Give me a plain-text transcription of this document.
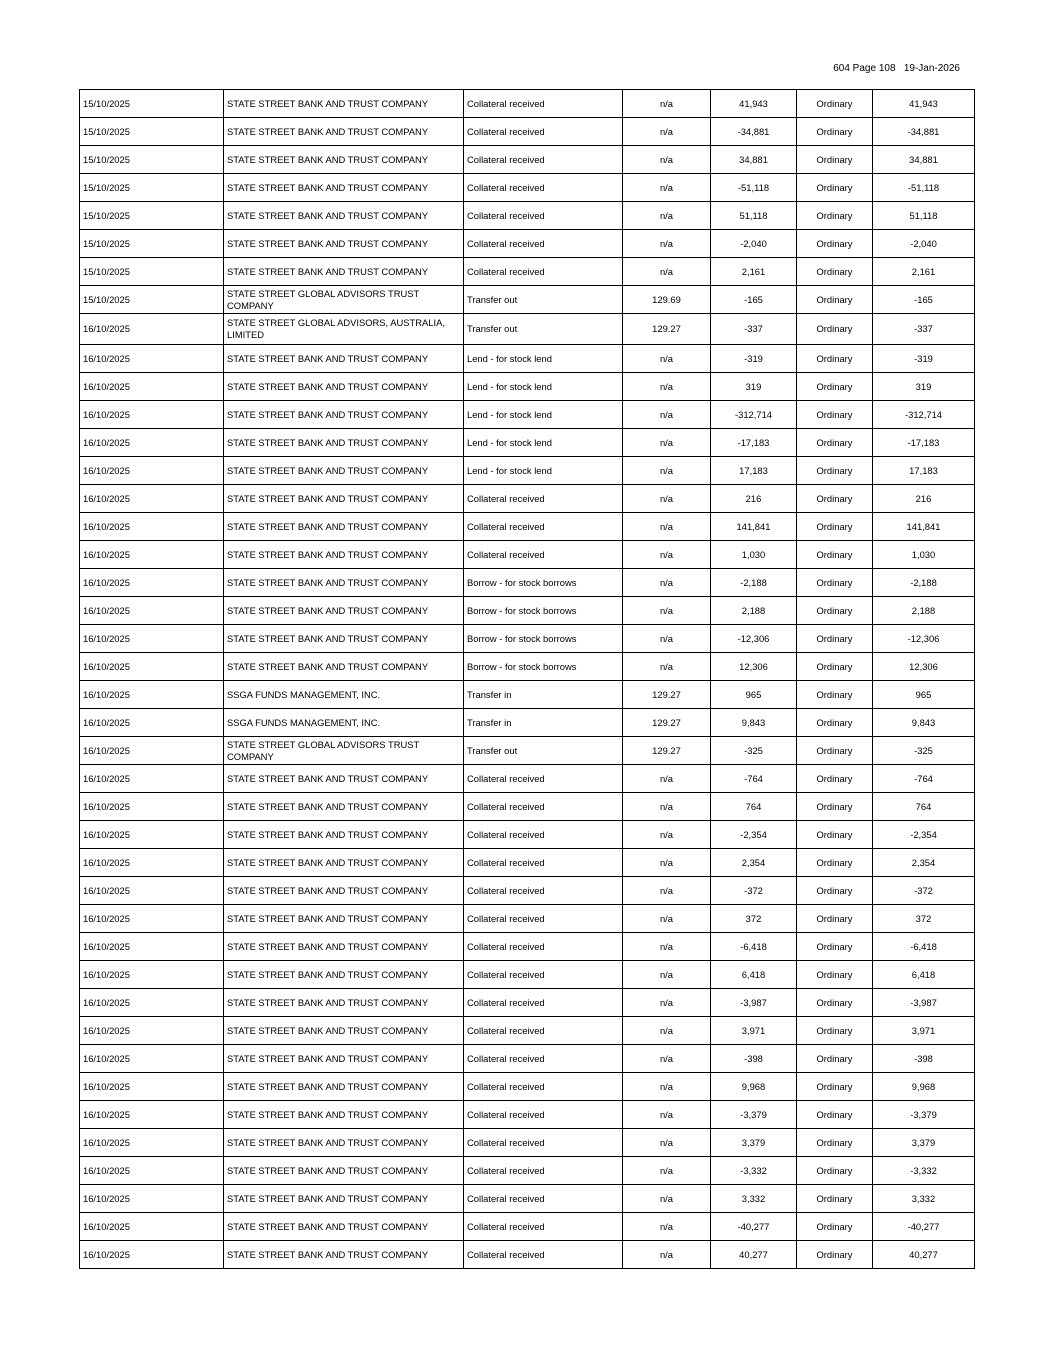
604 Page 108   19-Jan-2026
15/10/2025	STATE STREET BANK AND TRUST COMPANY	Collateral received	n/a	41,943	Ordinary	41,943
15/10/2025	STATE STREET BANK AND TRUST COMPANY	Collateral received	n/a	-34,881	Ordinary	-34,881
15/10/2025	STATE STREET BANK AND TRUST COMPANY	Collateral received	n/a	34,881	Ordinary	34,881
15/10/2025	STATE STREET BANK AND TRUST COMPANY	Collateral received	n/a	-51,118	Ordinary	-51,118
15/10/2025	STATE STREET BANK AND TRUST COMPANY	Collateral received	n/a	51,118	Ordinary	51,118
15/10/2025	STATE STREET BANK AND TRUST COMPANY	Collateral received	n/a	-2,040	Ordinary	-2,040
15/10/2025	STATE STREET BANK AND TRUST COMPANY	Collateral received	n/a	2,161	Ordinary	2,161
15/10/2025	STATE STREET GLOBAL ADVISORS TRUST COMPANY	Transfer out	129.69	-165	Ordinary	-165
16/10/2025	STATE STREET GLOBAL ADVISORS, AUSTRALIA, LIMITED	Transfer out	129.27	-337	Ordinary	-337
16/10/2025	STATE STREET BANK AND TRUST COMPANY	Lend - for stock lend	n/a	-319	Ordinary	-319
16/10/2025	STATE STREET BANK AND TRUST COMPANY	Lend - for stock lend	n/a	319	Ordinary	319
16/10/2025	STATE STREET BANK AND TRUST COMPANY	Lend - for stock lend	n/a	-312,714	Ordinary	-312,714
16/10/2025	STATE STREET BANK AND TRUST COMPANY	Lend - for stock lend	n/a	-17,183	Ordinary	-17,183
16/10/2025	STATE STREET BANK AND TRUST COMPANY	Lend - for stock lend	n/a	17,183	Ordinary	17,183
16/10/2025	STATE STREET BANK AND TRUST COMPANY	Collateral received	n/a	216	Ordinary	216
16/10/2025	STATE STREET BANK AND TRUST COMPANY	Collateral received	n/a	141,841	Ordinary	141,841
16/10/2025	STATE STREET BANK AND TRUST COMPANY	Collateral received	n/a	1,030	Ordinary	1,030
16/10/2025	STATE STREET BANK AND TRUST COMPANY	Borrow - for stock borrows	n/a	-2,188	Ordinary	-2,188
16/10/2025	STATE STREET BANK AND TRUST COMPANY	Borrow - for stock borrows	n/a	2,188	Ordinary	2,188
16/10/2025	STATE STREET BANK AND TRUST COMPANY	Borrow - for stock borrows	n/a	-12,306	Ordinary	-12,306
16/10/2025	STATE STREET BANK AND TRUST COMPANY	Borrow - for stock borrows	n/a	12,306	Ordinary	12,306
16/10/2025	SSGA FUNDS MANAGEMENT, INC.	Transfer in	129.27	965	Ordinary	965
16/10/2025	SSGA FUNDS MANAGEMENT, INC.	Transfer in	129.27	9,843	Ordinary	9,843
16/10/2025	STATE STREET GLOBAL ADVISORS TRUST COMPANY	Transfer out	129.27	-325	Ordinary	-325
16/10/2025	STATE STREET BANK AND TRUST COMPANY	Collateral received	n/a	-764	Ordinary	-764
16/10/2025	STATE STREET BANK AND TRUST COMPANY	Collateral received	n/a	764	Ordinary	764
16/10/2025	STATE STREET BANK AND TRUST COMPANY	Collateral received	n/a	-2,354	Ordinary	-2,354
16/10/2025	STATE STREET BANK AND TRUST COMPANY	Collateral received	n/a	2,354	Ordinary	2,354
16/10/2025	STATE STREET BANK AND TRUST COMPANY	Collateral received	n/a	-372	Ordinary	-372
16/10/2025	STATE STREET BANK AND TRUST COMPANY	Collateral received	n/a	372	Ordinary	372
16/10/2025	STATE STREET BANK AND TRUST COMPANY	Collateral received	n/a	-6,418	Ordinary	-6,418
16/10/2025	STATE STREET BANK AND TRUST COMPANY	Collateral received	n/a	6,418	Ordinary	6,418
16/10/2025	STATE STREET BANK AND TRUST COMPANY	Collateral received	n/a	-3,987	Ordinary	-3,987
16/10/2025	STATE STREET BANK AND TRUST COMPANY	Collateral received	n/a	3,971	Ordinary	3,971
16/10/2025	STATE STREET BANK AND TRUST COMPANY	Collateral received	n/a	-398	Ordinary	-398
16/10/2025	STATE STREET BANK AND TRUST COMPANY	Collateral received	n/a	9,968	Ordinary	9,968
16/10/2025	STATE STREET BANK AND TRUST COMPANY	Collateral received	n/a	-3,379	Ordinary	-3,379
16/10/2025	STATE STREET BANK AND TRUST COMPANY	Collateral received	n/a	3,379	Ordinary	3,379
16/10/2025	STATE STREET BANK AND TRUST COMPANY	Collateral received	n/a	-3,332	Ordinary	-3,332
16/10/2025	STATE STREET BANK AND TRUST COMPANY	Collateral received	n/a	3,332	Ordinary	3,332
16/10/2025	STATE STREET BANK AND TRUST COMPANY	Collateral received	n/a	-40,277	Ordinary	-40,277
16/10/2025	STATE STREET BANK AND TRUST COMPANY	Collateral received	n/a	40,277	Ordinary	40,277
